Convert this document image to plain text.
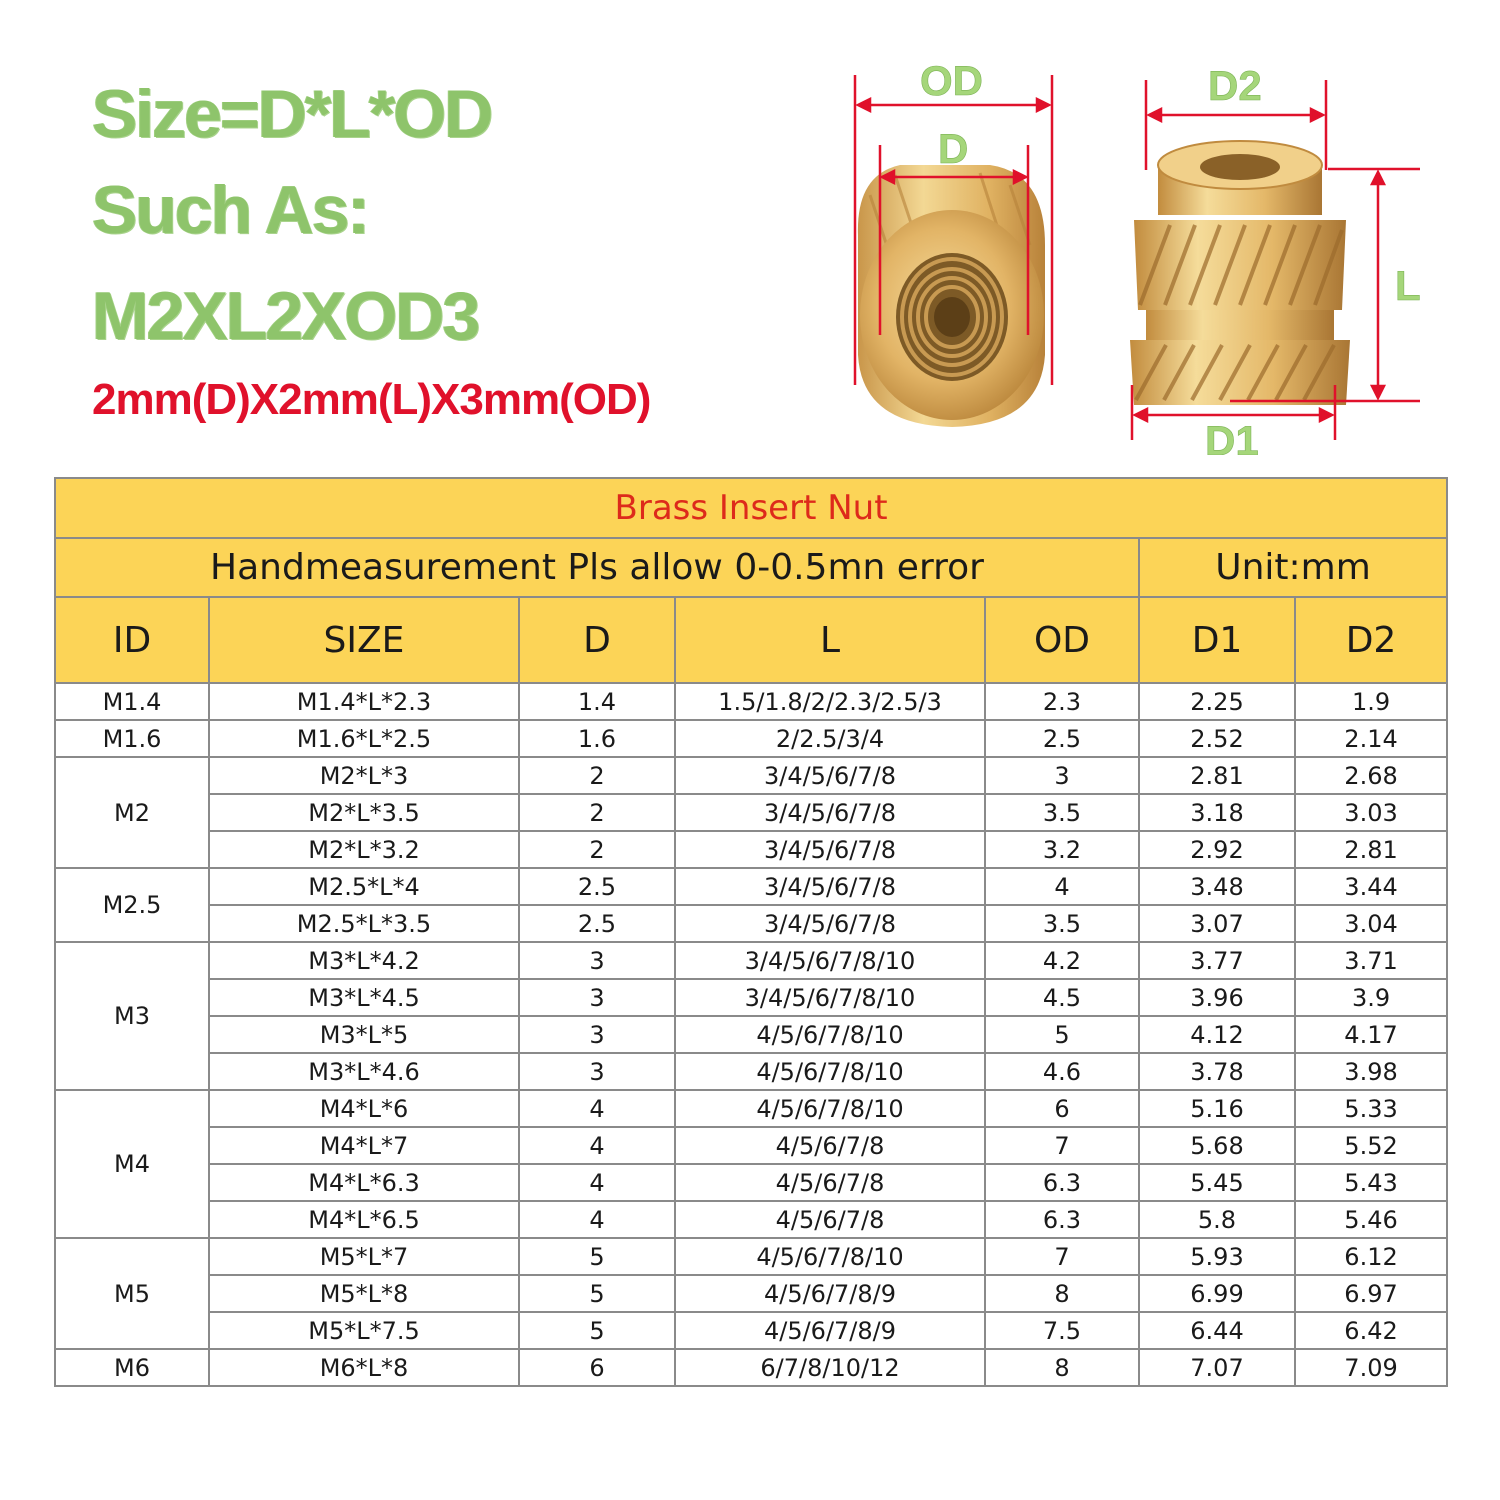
Size=D*L*OD
Such As:
M2XL2XOD3
2mm(D)X2mm(L)X3mm(OD)
OD
D
D2
L
D1
Brass Insert Nut						
Handmeasurement Pls allow 0-0.5mn error					Unit:mm	
ID	SIZE	D	L	OD	D1	D2
M1.4	M1.4*L*2.3	1.4	1.5/1.8/2/2.3/2.5/3	2.3	2.25	1.9
M1.6	M1.6*L*2.5	1.6	2/2.5/3/4	2.5	2.52	2.14
M2	M2*L*3	2	3/4/5/6/7/8	3	2.81	2.68
	M2*L*3.5	2	3/4/5/6/7/8	3.5	3.18	3.03
	M2*L*3.2	2	3/4/5/6/7/8	3.2	2.92	2.81
M2.5	M2.5*L*4	2.5	3/4/5/6/7/8	4	3.48	3.44
	M2.5*L*3.5	2.5	3/4/5/6/7/8	3.5	3.07	3.04
M3	M3*L*4.2	3	3/4/5/6/7/8/10	4.2	3.77	3.71
	M3*L*4.5	3	3/4/5/6/7/8/10	4.5	3.96	3.9
	M3*L*5	3	4/5/6/7/8/10	5	4.12	4.17
	M3*L*4.6	3	4/5/6/7/8/10	4.6	3.78	3.98
M4	M4*L*6	4	4/5/6/7/8/10	6	5.16	5.33
	M4*L*7	4	4/5/6/7/8	7	5.68	5.52
	M4*L*6.3	4	4/5/6/7/8	6.3	5.45	5.43
	M4*L*6.5	4	4/5/6/7/8	6.3	5.8	5.46
M5	M5*L*7	5	4/5/6/7/8/10	7	5.93	6.12
	M5*L*8	5	4/5/6/7/8/9	8	6.99	6.97
	M5*L*7.5	5	4/5/6/7/8/9	7.5	6.44	6.42
M6	M6*L*8	6	6/7/8/10/12	8	7.07	7.09
